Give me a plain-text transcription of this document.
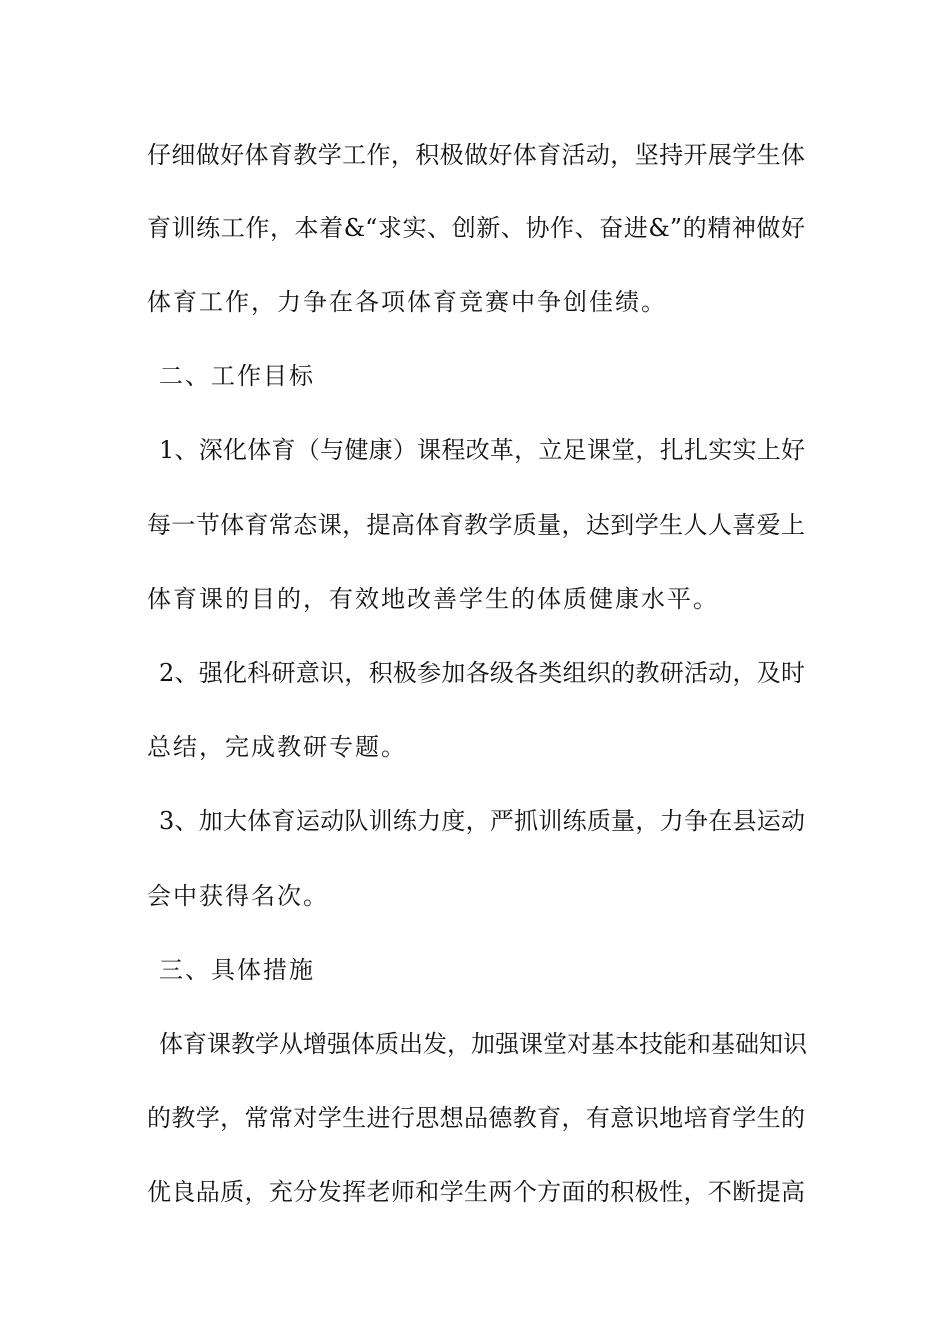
仔细做好体育教学工作，积极做好体育活动，坚持开展学生体
育训练工作，本着&“求实、创新、协作、奋进&”的精神做好
体育工作，力争在各项体育竞赛中争创佳绩。
二、工作目标
1、深化体育（与健康）课程改革，立足课堂，扎扎实实上好
每一节体育常态课，提高体育教学质量，达到学生人人喜爱上
体育课的目的，有效地改善学生的体质健康水平。
2、强化科研意识，积极参加各级各类组织的教研活动，及时
总结，完成教研专题。
3、加大体育运动队训练力度，严抓训练质量，力争在县运动
会中获得名次。
三、具体措施
体育课教学从增强体质出发，加强课堂对基本技能和基础知识
的教学，常常对学生进行思想品德教育，有意识地培育学生的
优良品质，充分发挥老师和学生两个方面的积极性，不断提高
